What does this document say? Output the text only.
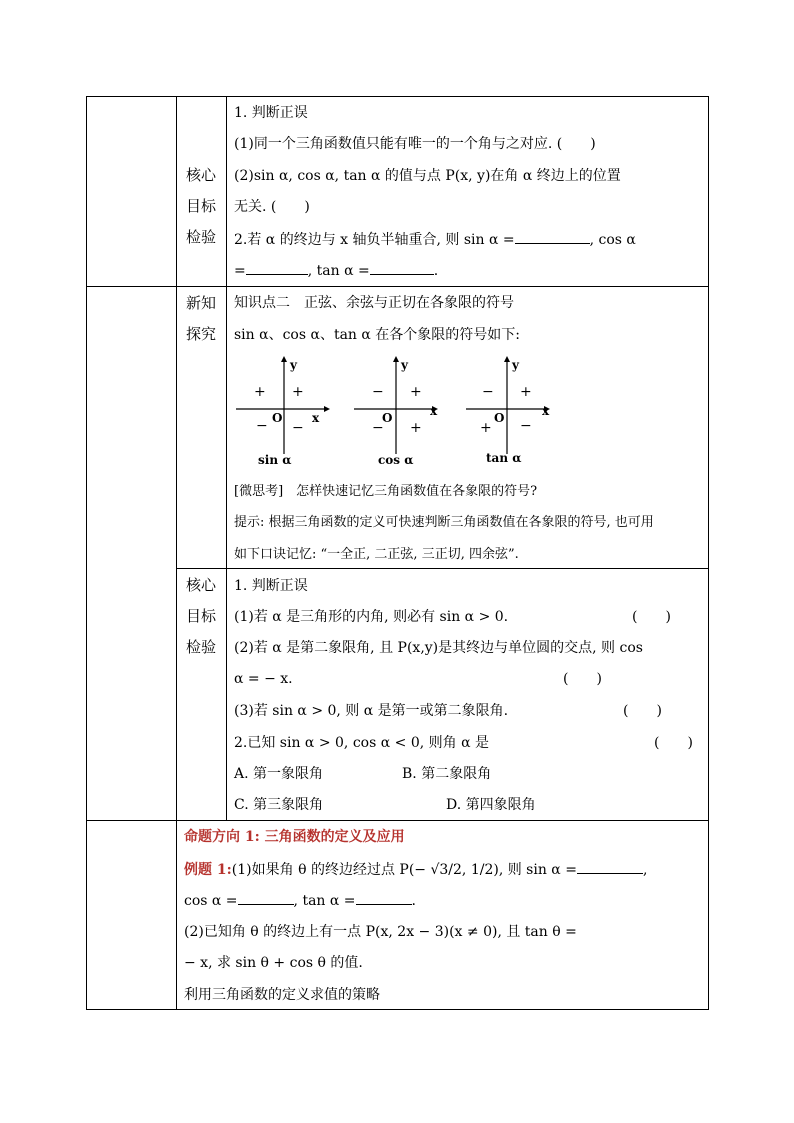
核心
目标
检验
1. 判断正误
(1)同一个三角函数值只能有唯一的一个角与之对应. (　　)
(2)sin α, cos α, tan α 的值与点 P(x, y)在角 α 终边上的位置
无关. (　　)
2.若 α 的终边与 x 轴负半轴重合, 则 sin α =	, cos α
=	, tan α =	.
新知
探究
知识点二　正弦、余弦与正切在各象限的符号
sin α、cos α、tan α 在各个象限的符号如下:
y
x
O
+
+
− −
sin α
y
x
O
+
−
− +
cos α
y
x
O
+
−
+ −
tan α
[微思考]　怎样快速记忆三角函数值在各象限的符号?
提示: 根据三角函数的定义可快速判断三角函数值在各象限的符号, 也可用
如下口诀记忆: “一全正, 二正弦, 三正切, 四余弦”.
核心
目标
检验
1. 判断正误
(1)若 α 是三角形的内角, 则必有 sin α > 0.	(　　)
(2)若 α 是第二象限角, 且 P(x,y)是其终边与单位圆的交点, 则 cos
α = − x.	(　　)
(3)若 sin α > 0, 则 α 是第一或第二象限角.	(　　)
2.已知 sin α > 0, cos α < 0, 则角 α 是	(　　)
A. 第一象限角	B. 第二象限角
C. 第三象限角	D. 第四象限角
命题方向 1: 三角函数的定义及应用
例题 1:(1)如果角 θ 的终边经过点 P(− √3/2, 1/2), 则 sin α =	,
cos α =	, tan α =	.
(2)已知角 θ 的终边上有一点 P(x, 2x − 3)(x ≠ 0), 且 tan θ =
− x, 求 sin θ + cos θ 的值.
利用三角函数的定义求值的策略
